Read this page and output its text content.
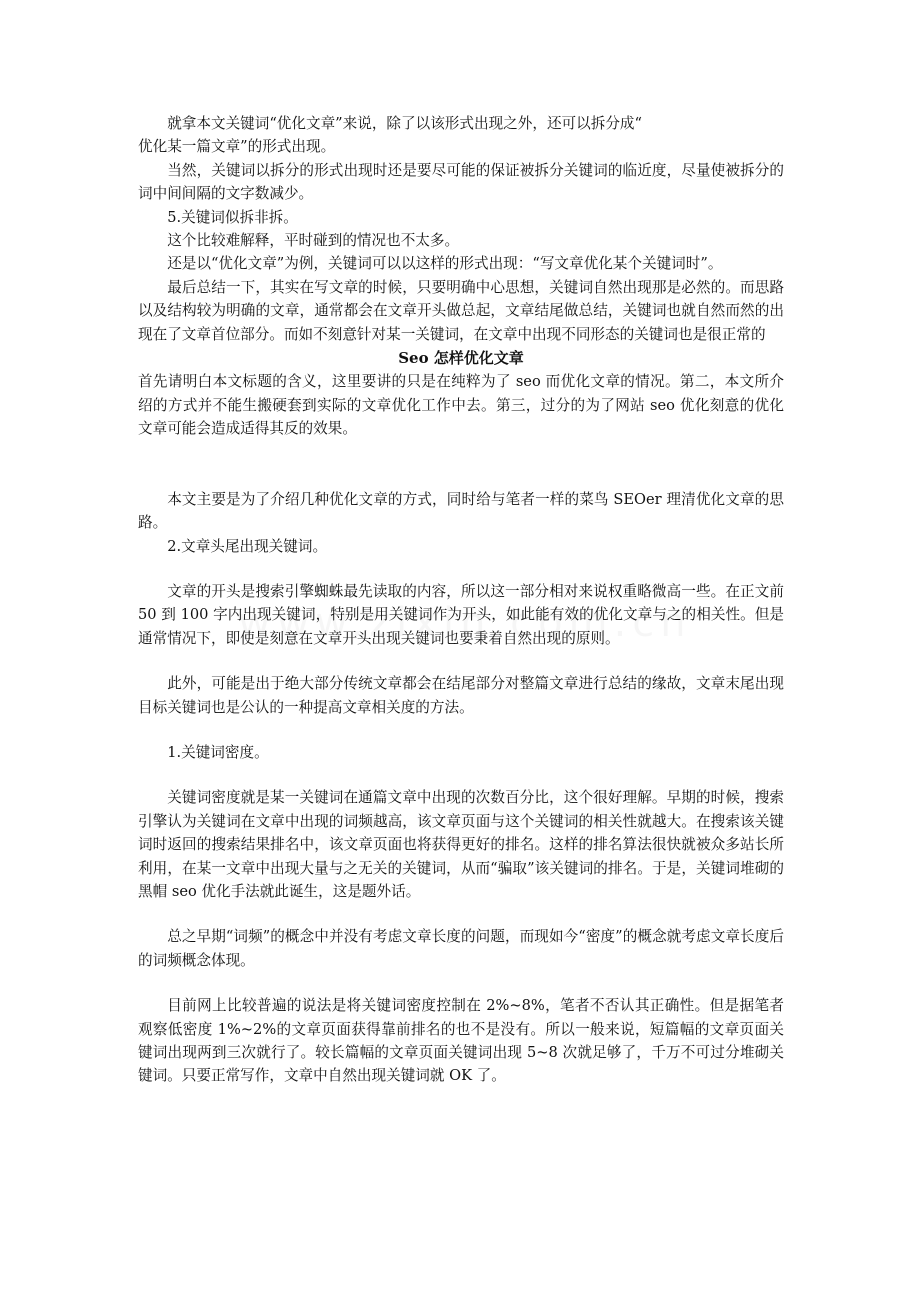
就拿本文关键词“优化文章”来说，除了以该形式出现之外，还可以拆分成“

优化某一篇文章”的形式出现。

当然，关键词以拆分的形式出现时还是要尽可能的保证被拆分关键词的临近度，尽量使被拆分的词中间间隔的文字数减少。

5.关键词似拆非拆。

这个比较难解释，平时碰到的情况也不太多。

还是以“优化文章”为例，关键词可以以这样的形式出现：“写文章优化某个关键词时”。

最后总结一下，其实在写文章的时候，只要明确中心思想，关键词自然出现那是必然的。而思路以及结构较为明确的文章，通常都会在文章开头做总起，文章结尾做总结，关键词也就自然而然的出现在了文章首位部分。而如不刻意针对某一关键词，在文章中出现不同形态的关键词也是很正常的

Seo 怎样优化文章

首先请明白本文标题的含义，这里要讲的只是在纯粹为了 seo 而优化文章的情况。第二，本文所介绍的方式并不能生搬硬套到实际的文章优化工作中去。第三，过分的为了网站 seo 优化刻意的优化文章可能会造成适得其反的效果。

本文主要是为了介绍几种优化文章的方式，同时给与笔者一样的菜鸟 SEOer 理清优化文章的思路。

2.文章头尾出现关键词。

文章的开头是搜索引擎蜘蛛最先读取的内容，所以这一部分相对来说权重略微高一些。在正文前 50 到 100 字内出现关键词，特别是用关键词作为开头，如此能有效的优化文章与之的相关性。但是通常情况下，即使是刻意在文章开头出现关键词也要秉着自然出现的原则。

此外，可能是出于绝大部分传统文章都会在结尾部分对整篇文章进行总结的缘故，文章末尾出现目标关键词也是公认的一种提高文章相关度的方法。

1.关键词密度。

关键词密度就是某一关键词在通篇文章中出现的次数百分比，这个很好理解。早期的时候，搜索引擎认为关键词在文章中出现的词频越高，该文章页面与这个关键词的相关性就越大。在搜索该关键词时返回的搜索结果排名中，该文章页面也将获得更好的排名。这样的排名算法很快就被众多站长所利用，在某一文章中出现大量与之无关的关键词，从而“骗取”该关键词的排名。于是，关键词堆砌的黑帽 seo 优化手法就此诞生，这是题外话。

总之早期“词频”的概念中并没有考虑文章长度的问题，而现如今“密度”的概念就考虑文章长度后的词频概念体现。

目前网上比较普遍的说法是将关键词密度控制在 2%~8%，笔者不否认其正确性。但是据笔者观察低密度 1%~2%的文章页面获得靠前排名的也不是没有。所以一般来说，短篇幅的文章页面关键词出现两到三次就行了。较长篇幅的文章页面关键词出现 5~8 次就足够了，千万不可过分堆砌关键词。只要正常写作，文章中自然出现关键词就 OK 了。
